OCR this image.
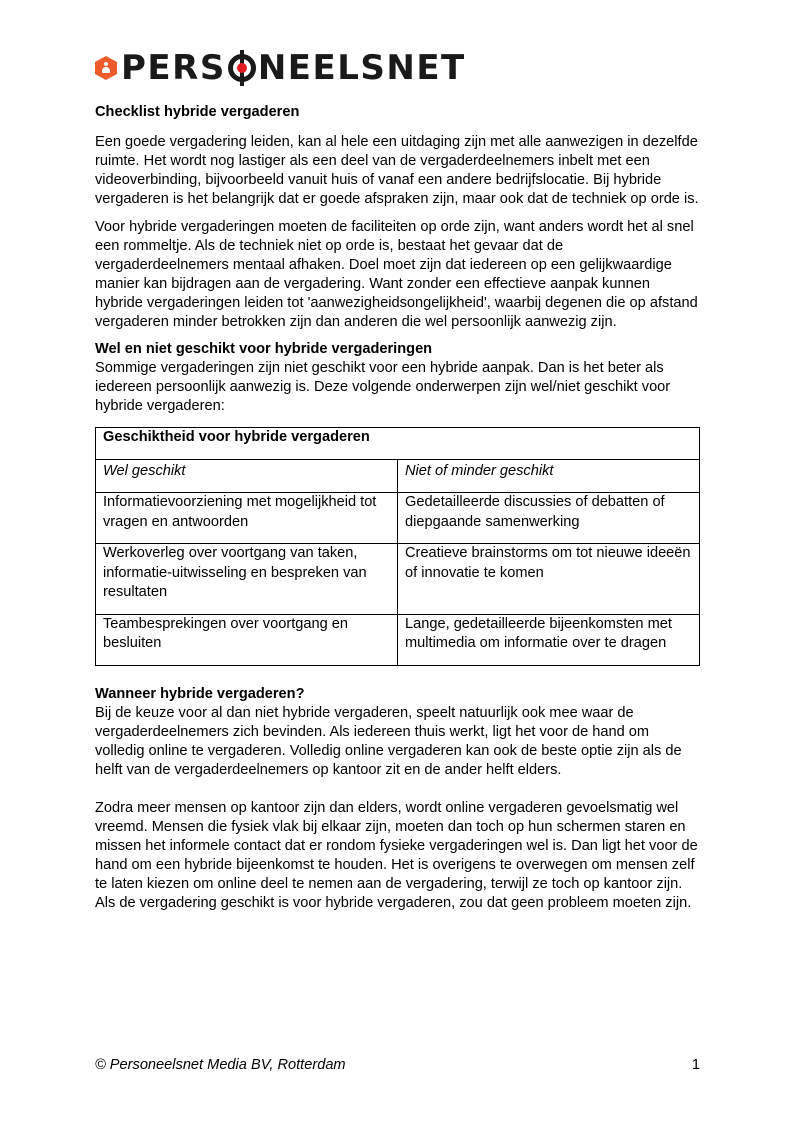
PERS NEELSNET
Checklist hybride vergaderen

Een goede vergadering leiden, kan al hele een uitdaging zijn met alle aanwezigen in dezelfde ruimte. Het wordt nog lastiger als een deel van de vergaderdeelnemers inbelt met een videoverbinding, bijvoorbeeld vanuit huis of vanaf een andere bedrijfslocatie. Bij hybride vergaderen is het belangrijk dat er goede afspraken zijn, maar ook dat de techniek op orde is.

Voor hybride vergaderingen moeten de faciliteiten op orde zijn, want anders wordt het al snel een rommeltje. Als de techniek niet op orde is, bestaat het gevaar dat de vergaderdeelnemers mentaal afhaken. Doel moet zijn dat iedereen op een gelijkwaardige manier kan bijdragen aan de vergadering. Want zonder een effectieve aanpak kunnen hybride vergaderingen leiden tot 'aanwezigheidsongelijkheid', waarbij degenen die op afstand vergaderen minder betrokken zijn dan anderen die wel persoonlijk aanwezig zijn.

Wel en niet geschikt voor hybride vergaderingen

Sommige vergaderingen zijn niet geschikt voor een hybride aanpak. Dan is het beter als iedereen persoonlijk aanwezig is. Deze volgende onderwerpen zijn wel/niet geschikt voor hybride vergaderen:

Geschiktheid voor hybride vergaderen	
Wel geschikt	Niet of minder geschikt
Informatievoorziening met mogelijkheid tot vragen en antwoorden	Gedetailleerde discussies of debatten of diepgaande samenwerking
Werkoverleg over voortgang van taken, informatie-uitwisseling en bespreken van resultaten	Creatieve brainstorms om tot nieuwe ideeën of innovatie te komen
Teambesprekingen over voortgang en besluiten	Lange, gedetailleerde bijeenkomsten met multimedia om informatie over te dragen
Wanneer hybride vergaderen?

Bij de keuze voor al dan niet hybride vergaderen, speelt natuurlijk ook mee waar de vergaderdeelnemers zich bevinden. Als iedereen thuis werkt, ligt het voor de hand om volledig online te vergaderen. Volledig online vergaderen kan ook de beste optie zijn als de helft van de vergaderdeelnemers op kantoor zit en de ander helft elders.

Zodra meer mensen op kantoor zijn dan elders, wordt online vergaderen gevoelsmatig wel vreemd. Mensen die fysiek vlak bij elkaar zijn, moeten dan toch op hun schermen staren en missen het informele contact dat er rondom fysieke vergaderingen wel is. Dan ligt het voor de hand om een hybride bijeenkomst te houden. Het is overigens te overwegen om mensen zelf te laten kiezen om online deel te nemen aan de vergadering, terwijl ze toch op kantoor zijn. Als de vergadering geschikt is voor hybride vergaderen, zou dat geen probleem moeten zijn.

© Personeelsnet Media BV, Rotterdam	1
